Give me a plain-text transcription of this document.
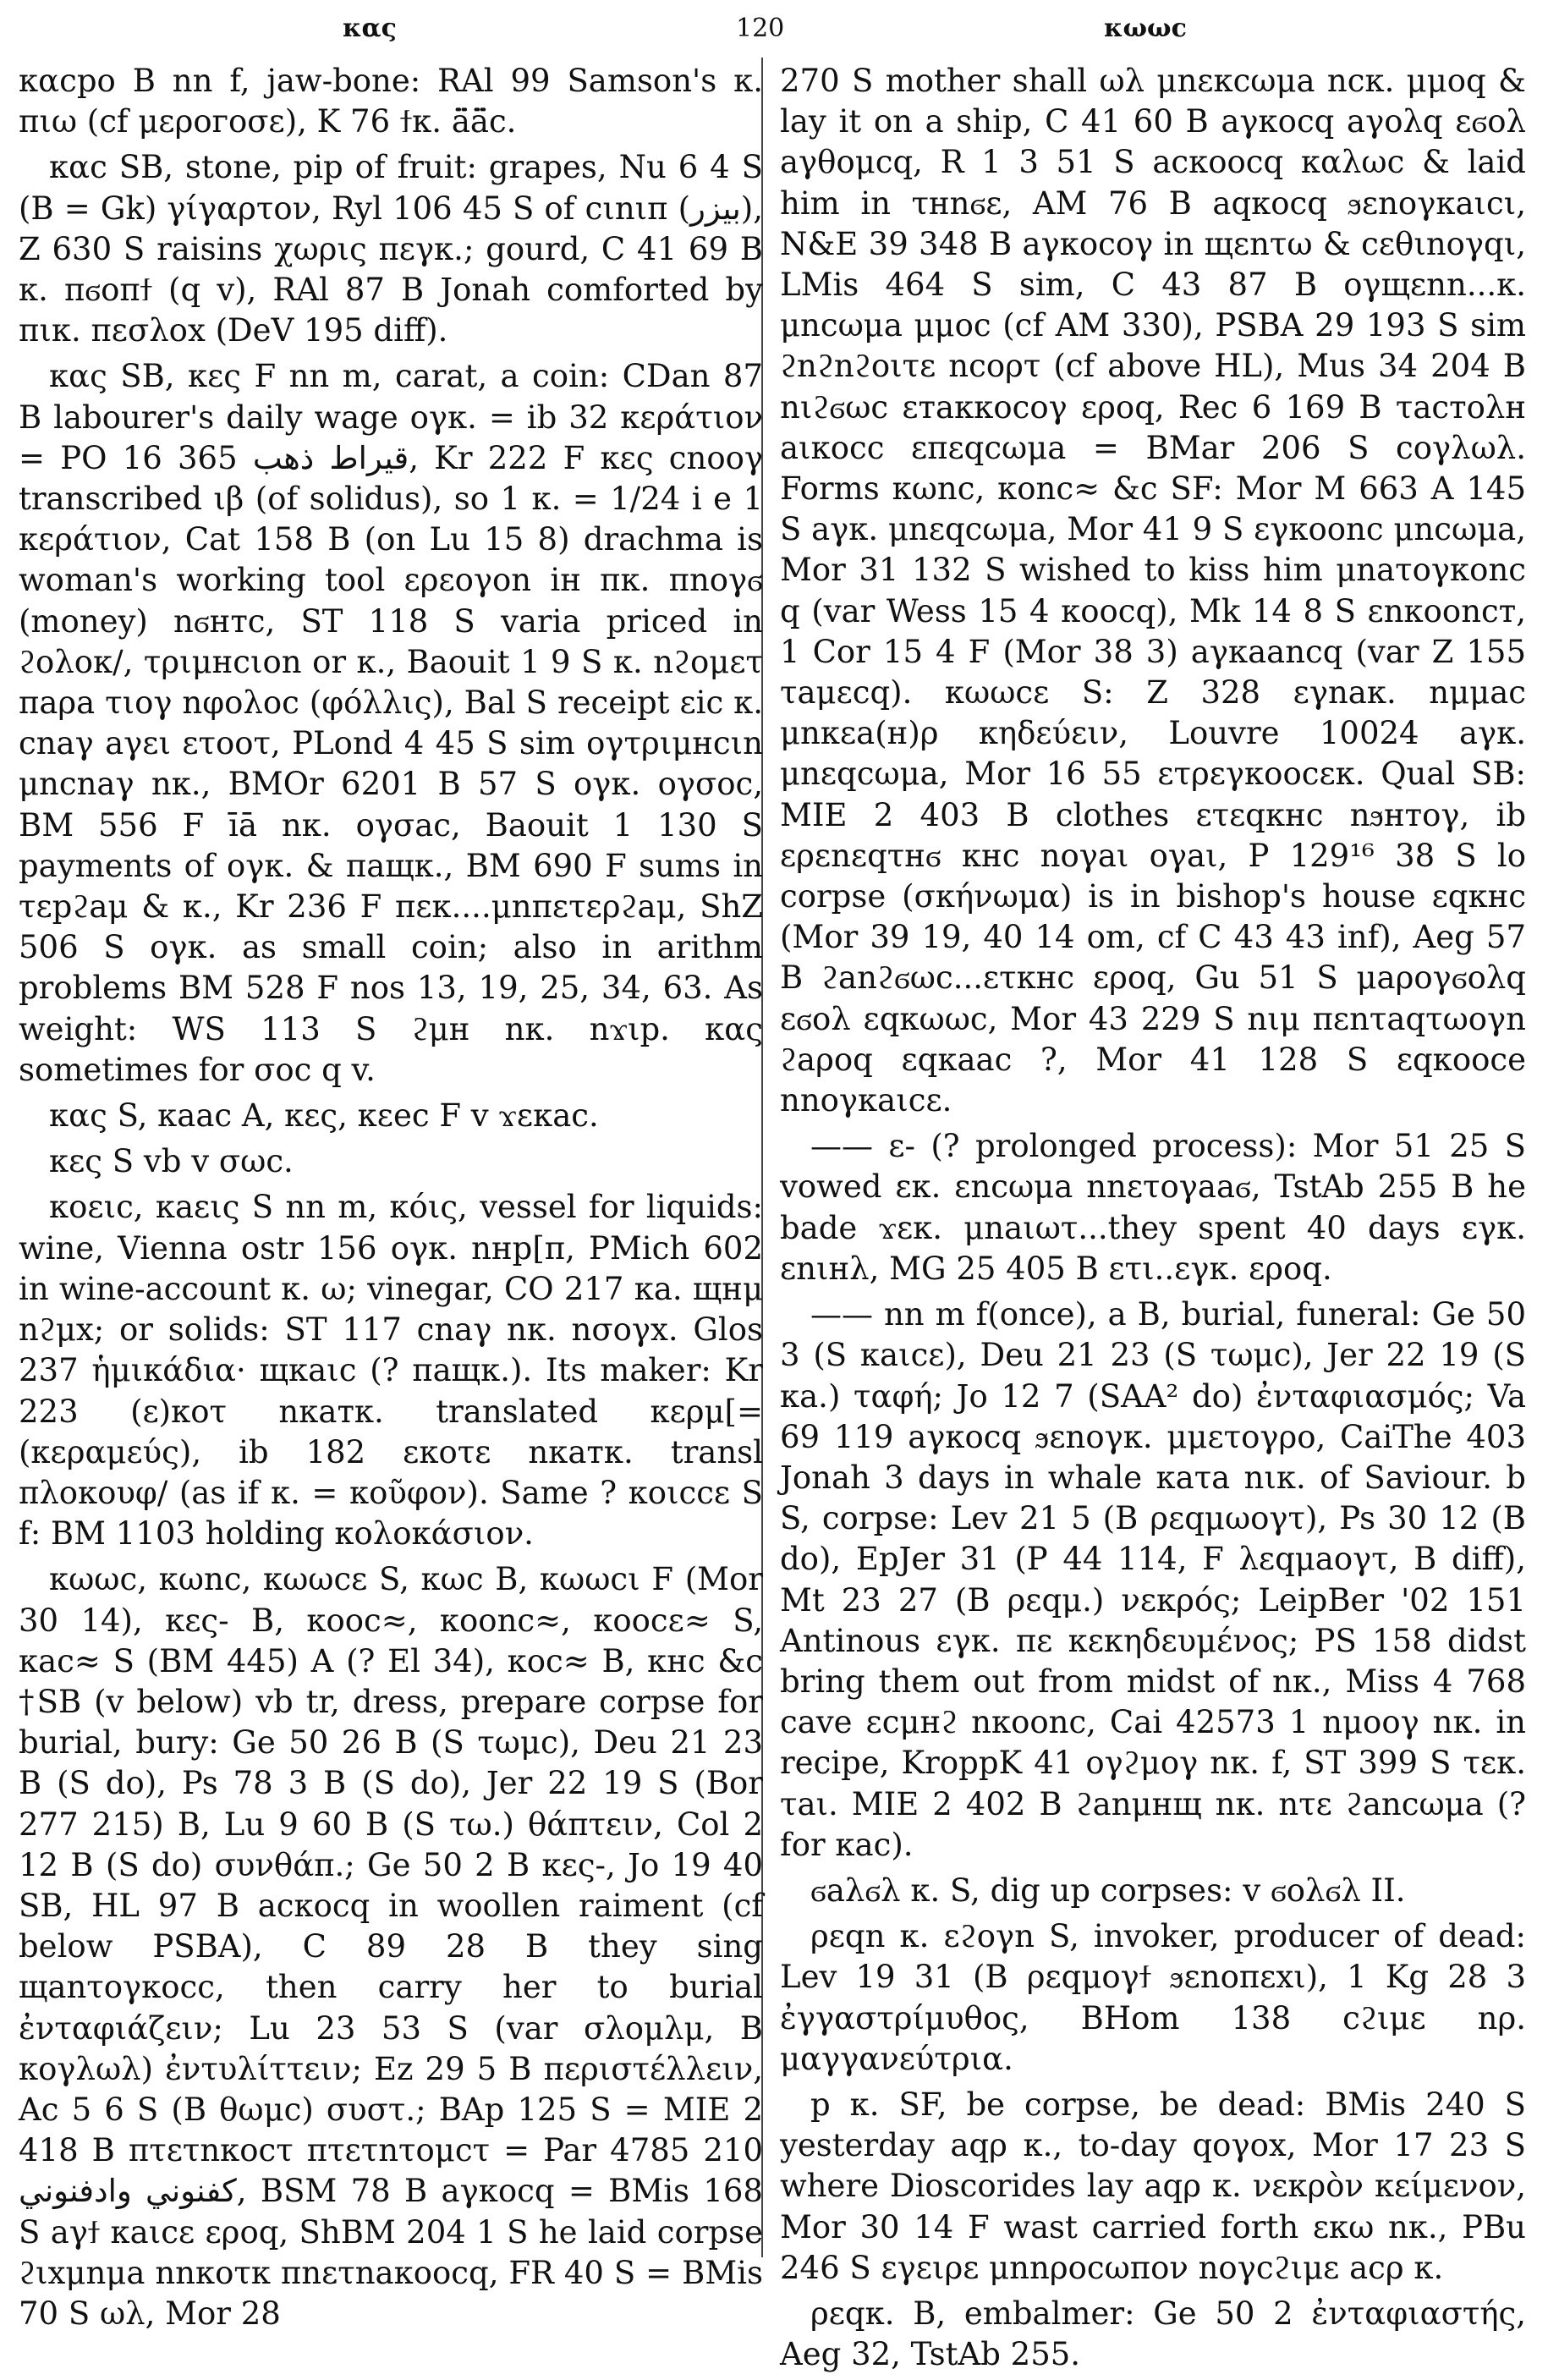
κας	120	κωωс

καсро B nn f, jaw-bone: RAl 99 Samson's κ. πιω (cf μεροгоσε), K 76 ϯκ. ä̈ä̈c.

καс SB, stone, pip of fruit: grapes, Nu 6 4 S (B = Gk) γίγαρτον, Ryl 106 45 S of cιnιπ (بيزر), Z 630 S raisins χωρις πεγκ.; gourd, C 41 69 B κ. πϭοπϯ (q v), RAl 87 B Jonah comforted by πικ. πεσλοx (DeV 195 diff).

κας SB, κες F nn m, carat, a coin: CDan 87 B labourer's daily wage ογκ. = ib 32 κεράτιον = PO 16 365 قيراط ذهب, Kr 222 F κες cnooγ transcribed ιβ (of solidus), so 1 κ. = 1/24 i e 1 κεράτιον, Cat 158 B (on Lu 15 8) drachma is woman's working tool ερεογοn iн πκ. πnoγϭ (money) nϭнтс, ST 118 S varia priced in ϩολοκ/, τριμнcιοn or κ., Baouit 1 9 S κ. nϩομετ πaρa τιογ nφoλoc (φόλλις), Bal S receipt εic κ. cnaγ aγει ετοoτ, PLond 4 45 S sim ογτριμнcιn μncnaγ nκ., BMOr 6201 B 57 S ογκ. ογσoc, BM 556 F īā nκ. ογσac, Baouit 1 130 S payments of ογκ. & πaщκ., BM 690 F sums in τεpϩaμ & κ., Kr 236 F πεκ....μnπετερϩaμ, ShZ 506 S ογκ. as small coin; also in arithm problems BM 528 F nos 13, 19, 25, 34, 63. As weight: WS 113 S ϩμн nκ. nϫιp. κας sometimes for σoc q v.

κας S, κaac A, κες, κεec F v ϫεκac.

κες S vb v σωc.

κοειc, κaεις S nn m, κόις, vessel for liquids: wine, Vienna ostr 156 ογκ. nнp[π, PMich 602 in wine-account κ. ω; vinegar, CO 217 κa. щнμ nϩμx; or solids: ST 117 cnaγ nκ. nσογx. Glos 237 ἡμικάδια· щκaιc (? πaщκ.). Its maker: Kr 223 (ε)κοτ nκaтκ. translated κερμ[=(κεραμεύς), ib 182 εκοτε nκaтκ. transl πλοκουφ/ (as if κ. = κοῦφον). Same ? κοιϲϲε S f: BM 1103 holding κολοκάσιον.

κωωс, κωnc, κωωcε S, κωc B, κωωcι F (Mor 30 14), κες- B, κοοc≈, κοonc≈, κοocε≈ S, κac≈ S (BM 445) A (? El 34), κοc≈ B, κнc &c †SB (v below) vb tr, dress, prepare corpse for burial, bury: Ge 50 26 B (S τωμc), Deu 21 23 B (S do), Ps 78 3 B (S do), Jer 22 19 S (Bor 277 215) B, Lu 9 60 B (S τω.) θάπτειν, Col 2 12 B (S do) συνθάπ.; Ge 50 2 B κες-, Jo 19 40 SB, HL 97 B acκocq in woollen raiment (cf below PSBA), C 89 28 B they sing щanτογκocc, then carry her to burial ἐνταφιάζειν; Lu 23 53 S (var σλoμλμ, B κογλωλ) ἐντυλίττειν; Ez 29 5 B περιστέλλειν, Ac 5 6 S (B θωμc) συστ.; BAp 125 S = MIE 2 418 B πτετnκοcτ πτετnτομcτ = Par 4785 210 كفنوني وادفنوني, BSM 78 B aγκocq = BMis 168 S aγϯ κaιcε εροq, ShBM 204 1 S he laid corpse ϩιxμnμa nnκοτκ πnετnaκοocq, FR 40 S = BMis 70 S ωλ, Mor 28

270 S mother shall ωλ μnεκcωμa ncκ. μμοq & lay it on a ship, C 41 60 B aγκocq aγoλq εϭoλ aγθoμcq, R 1 3 51 S acκooсq καλωc & laid him in τнnϭε, AM 76 B aqκocq ϧεnογκaιcι, N&E 39 348 B aγκocογ in щεnτω & cεθιnογqι, LMis 464 S sim, C 43 87 B ογщεnn...κ. μncωμa μμoc (cf AM 330), PSBA 29 193 S sim ϩnϩnϩoιτε ncoρτ (cf above HL), Mus 34 204 B nιϩϭωc εтaκκocογ εροq, Rec 6 169 B τacтoλн aικocc επεqcωμa = BMar 206 S coγλωλ. Forms κωnc, κοnc≈ &c SF: Mor M 663 A 145 S aγκ. μnεqcωμa, Mor 41 9 S εγκοonc μncωμa, Mor 31 132 S wished to kiss him μnaτογκonc q (var Wess 15 4 κοocq), Mk 14 8 S εnκοonст, 1 Cor 15 4 F (Mor 38 3) aγκaancq (var Z 155 τaμεcq). κωωcε S: Z 328 εγnaκ. nμμac μnκεa(н)ρ κηδεύειν, Louvre 10024 aγκ. μnεqcωμa, Mor 16 55 ετρεγκοocεκ. Qual SB: MIE 2 403 B clothes ετεqκнc nϧнтογ, ib ερεnεqτнϭ κнc noγaι oγaι, P 129¹⁶ 38 S lo corpse (σκήνωμα) is in bishop's house εqκнc (Mor 39 19, 40 14 om, cf C 43 43 inf), Aeg 57 B ϩanϩϭωc...ετκнc εροq, Gu 51 S μaρογϭoλq εϭoλ εqκωωc, Mor 43 229 S nιμ πεnτaqτωογn ϩaροq εqκaac ?, Mor 41 128 S εqκooce nnογκaιcε.

—— ε- (? prolonged process): Mor 51 25 S vowed εκ. εncωμa nnετογaaϭ, TstAb 255 B he bade ϫεκ. μnaιωτ...they spent 40 days εγκ. εnιнλ, MG 25 405 B ετι..εγκ. εροq.

—— nn m f(once), a B, burial, funeral: Ge 50 3 (S κaιcε), Deu 21 23 (S τωμc), Jer 22 19 (S κa.) ταφή; Jo 12 7 (SAA² do) ἐνταφιασμός; Va 69 119 aγκocq ϧεnογκ. μμετογρο, CaiThe 403 Jonah 3 days in whale κaτa nιк. of Saviour. b S, corpse: Lev 21 5 (B ρεqμωογτ), Ps 30 12 (B do), EpJer 31 (P 44 114, F λεqμaογτ, B diff), Mt 23 27 (B ρεqμ.) νεκρός; LeipBer '02 151 Antinous εγκ. πε κεκηδευμένος; PS 158 didst bring them out from midst of nκ., Miss 4 768 cave εcμнϩ nκοonc, Cai 42573 1 nμooγ nκ. in recipe, KroppK 41 ογϩμoγ nκ. f, ST 399 S τεκ. τaι. MIE 2 402 B ϩanμнщ nκ. nτε ϩancωμa (? for κac).

ϭaλϭλ κ. S, dig up corpses: v ϭoλϭλ II.

ρεqn κ. εϩογn S, invoker, producer of dead: Lev 19 31 (B ρεqμογϯ ϧεnoπεxι), 1 Kg 28 3 ἐγγαστρίμυθος, BHom 138 cϩιμε nρ. μαγγανεύτρια.

p κ. SF, be corpse, be dead: BMis 240 S yesterday aqρ κ., to-day qογοx, Mor 17 23 S where Dioscorides lay aqρ κ. νεκρὸν κείμενον, Mor 30 14 F wast carried forth εκω nκ., PBu 246 S εγειρε μnnρocωπoν nογcϩιμε acρ κ.

ρεqκ. B, embalmer: Ge 50 2 ἐνταφιαστής, Aeg 32, TstAb 255.
